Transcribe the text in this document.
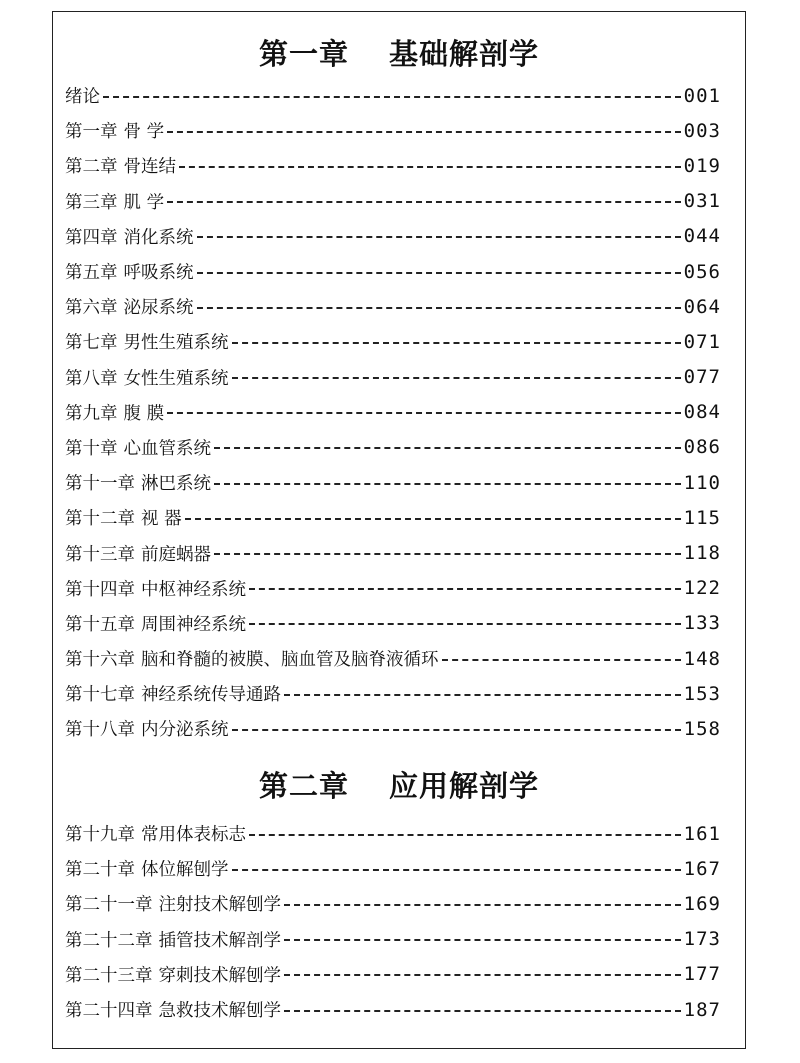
第一章 基础解剖学
绪论	001
第一章 骨 学	003
第二章 骨连结	019
第三章 肌 学	031
第四章 消化系统	044
第五章 呼吸系统	056
第六章 泌尿系统	064
第七章 男性生殖系统	071
第八章 女性生殖系统	077
第九章 腹 膜	084
第十章 心血管系统	086
第十一章 淋巴系统	110
第十二章 视 器	115
第十三章 前庭蜗器	118
第十四章 中枢神经系统	122
第十五章 周围神经系统	133
第十六章 脑和脊髓的被膜、脑血管及脑脊液循环	148
第十七章 神经系统传导通路	153
第十八章 内分泌系统	158
第二章 应用解剖学
第十九章 常用体表标志	161
第二十章 体位解刨学	167
第二十一章 注射技术解刨学	169
第二十二章 插管技术解剖学	173
第二十三章 穿刺技术解刨学	177
第二十四章 急救技术解刨学	187
